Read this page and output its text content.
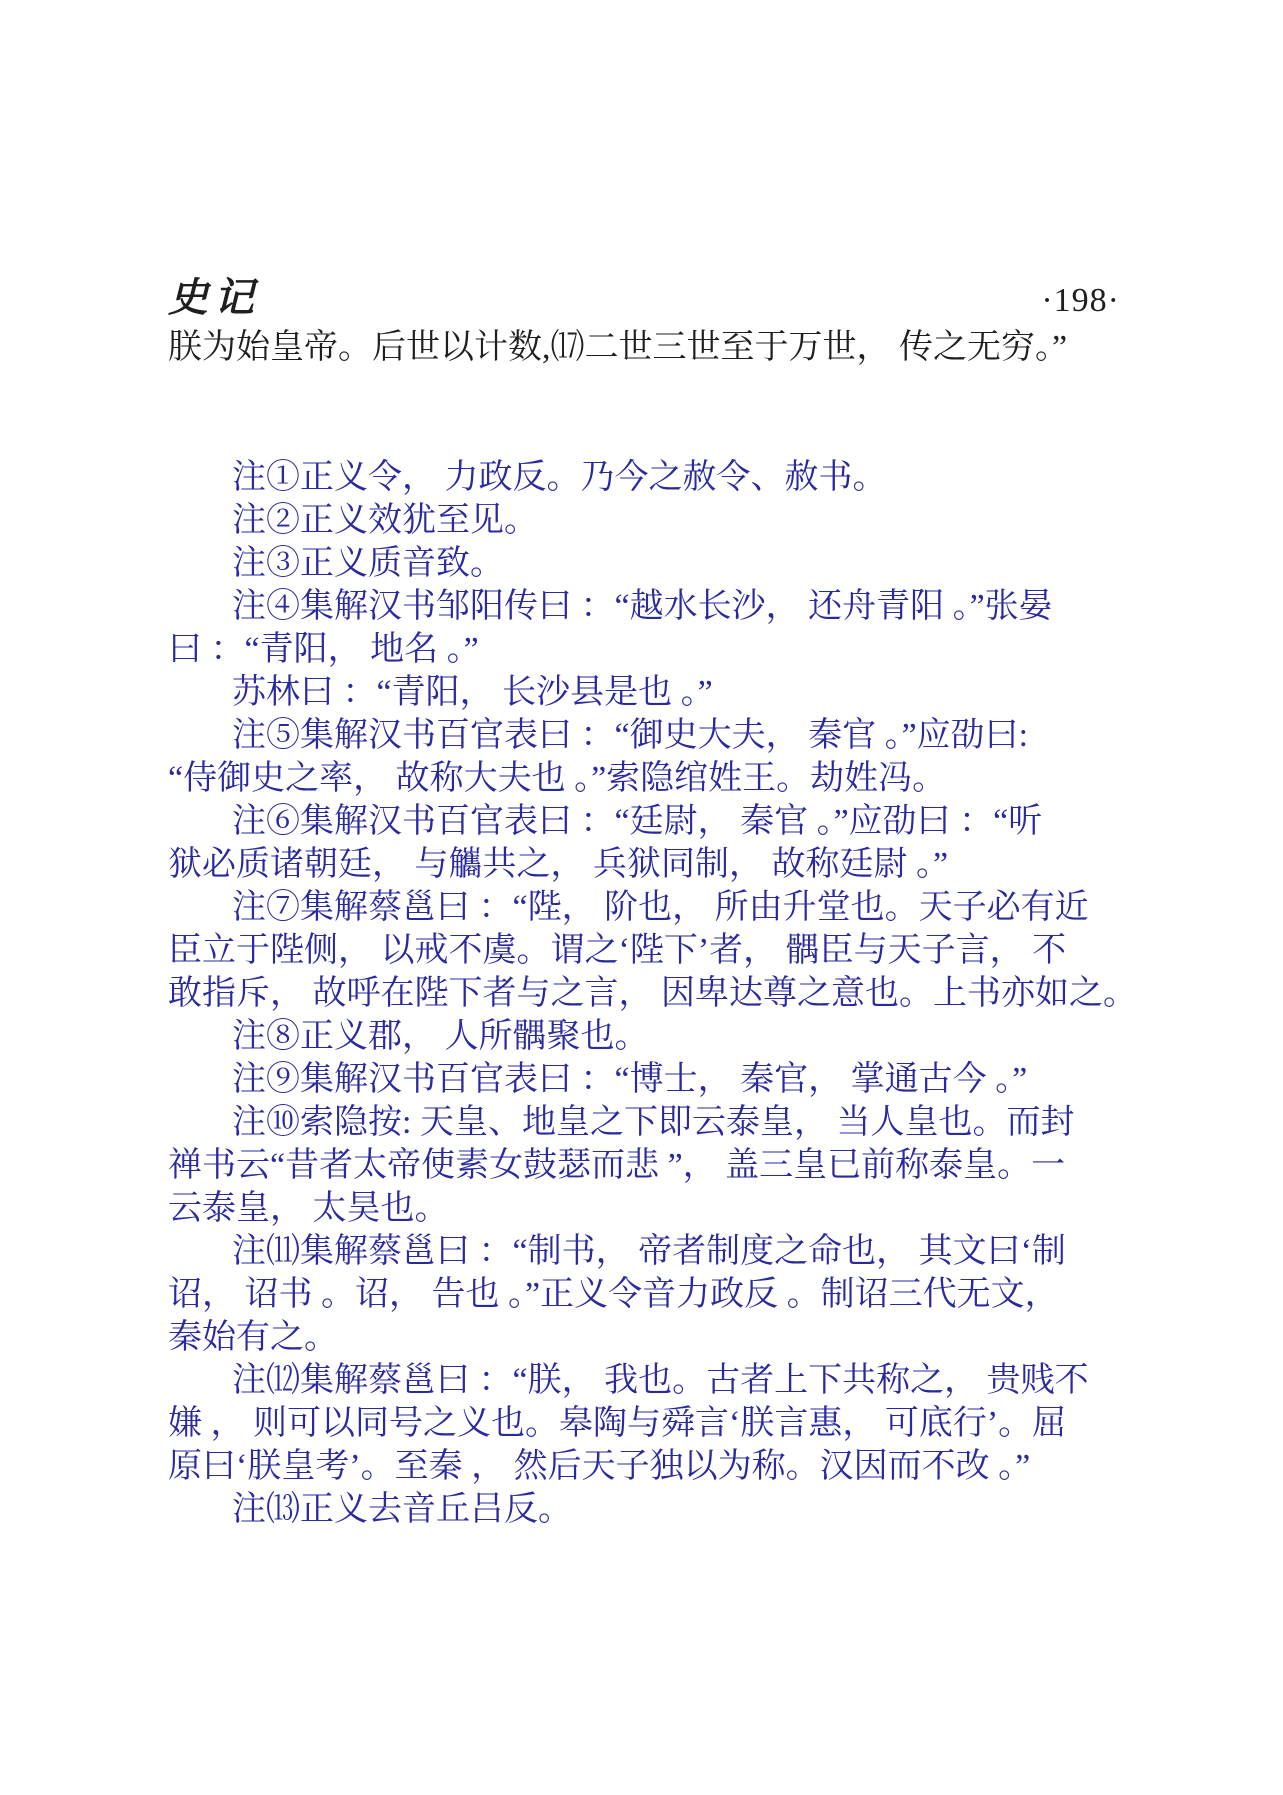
史记	·198·
朕为始皇帝。后世以计数,⒄二世三世至于万世， 传之无穷。”
注①正义令， 力政反。乃今之赦令、赦书。
注②正义效犹至见。
注③正义质音致。
注④集解汉书邹阳传曰 ：“越水长沙， 还舟青阳 。”张晏
曰 ：“青阳， 地名 。”
苏林曰 ：“青阳， 长沙县是也 。”
注⑤集解汉书百官表曰 ：“御史大夫， 秦官 。”应劭曰:
“侍御史之率， 故称大夫也 。”索隐绾姓王。劫姓冯。
注⑥集解汉书百官表曰 ：“廷尉， 秦官 。”应劭曰 ：“听
狱必质诸朝廷， 与觿共之， 兵狱同制， 故称廷尉 。”
注⑦集解蔡邕曰 ：“陛， 阶也， 所由升堂也。天子必有近
臣立于陛侧， 以戒不虞。谓之‘陛下’者， 髃臣与天子言， 不
敢指斥， 故呼在陛下者与之言， 因卑达尊之意也。上书亦如之。
注⑧正义郡， 人所髃聚也。
注⑨集解汉书百官表曰 ：“博士， 秦官， 掌通古今 。”
注⑩索隐按: 天皇、地皇之下即云泰皇， 当人皇也。而封
禅书云“昔者太帝使素女鼓瑟而悲 ”， 盖三皇已前称泰皇。一
云泰皇， 太昊也。
注⑾集解蔡邕曰 ：“制书， 帝者制度之命也， 其文曰‘制
诏， 诏书 。诏， 告也 。”正义令音力政反 。制诏三代无文，
秦始有之。
注⑿集解蔡邕曰 ：“朕， 我也。古者上下共称之， 贵贱不
嫌 ， 则可以同号之义也。皋陶与舜言‘朕言惠， 可底行’。屈
原曰‘朕皇考’。至秦 ， 然后天子独以为称。汉因而不改 。”
注⒀正义去音丘吕反。
